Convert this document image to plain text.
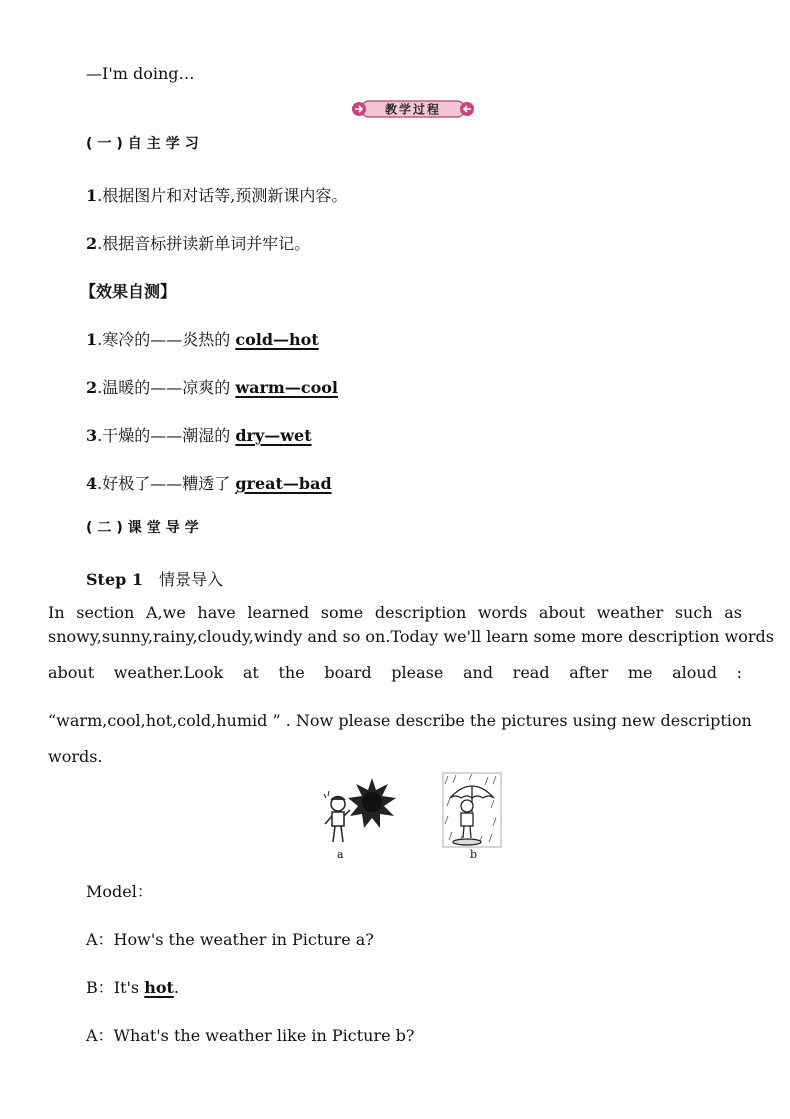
—I'm doing…
教学过程
(一)自主学习
1.根据图片和对话等,预测新课内容。
2.根据音标拼读新单词并牢记。
【效果自测】
1.寒冷的——炎热的 cold—hot
2.温暖的——凉爽的 warm—cool
3.干燥的——潮湿的 dry—wet
4.好极了——糟透了 great—bad
(二)课堂导学
Step 1 情景导入
In section A,we have learned some description words about weather such as
snowy,sunny,rainy,cloudy,windy and so on.Today we'll learn some more description words
about weather.Look at the board please and read after me aloud :
“warm,cool,hot,cold,humid ” . Now please describe the pictures using new description
words.
a	b
Model：
A：How's the weather in Picture a?
B：It's hot.
A：What's the weather like in Picture b?
